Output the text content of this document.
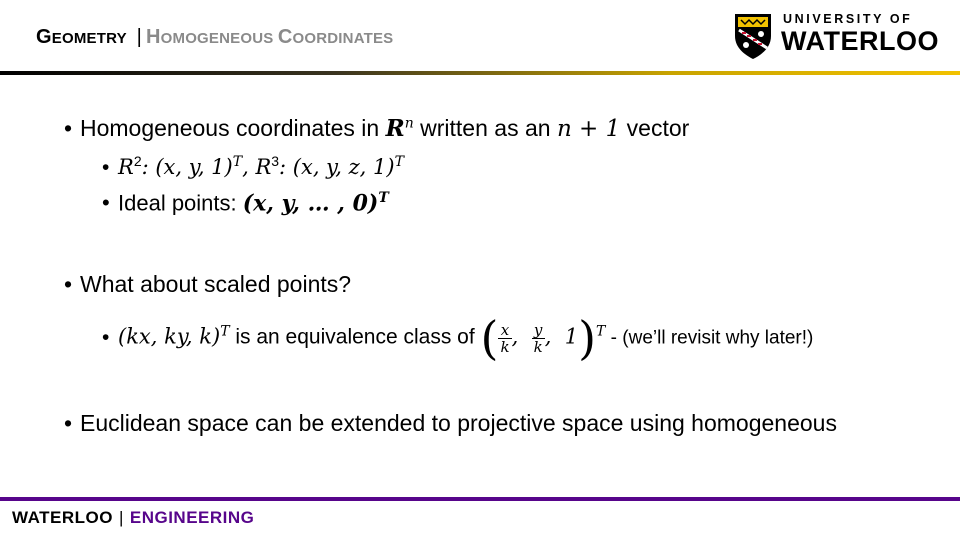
GEOMETRY | HOMOGENEOUS COORDINATES
UNIVERSITY OF
WATERLOO
• Homogeneous coordinates in $R^n$ written as an n + 1 vector
• $R^2$: (x, y, 1)$^T$, $R^3$: (x, y, z, 1)$^T$
• Ideal points: (x, y, … , 0)$^T$
• What about scaled points?
• (kx, ky, k)$^T$ is an equivalence class of ( $\frac{x}{k}$ , $\frac{y}{k}$ ,  1)$^T$ - (we’ll revisit why later!)
• Euclidean space can be extended to projective space using homogeneous
WATERLOO | ENGINEERING
